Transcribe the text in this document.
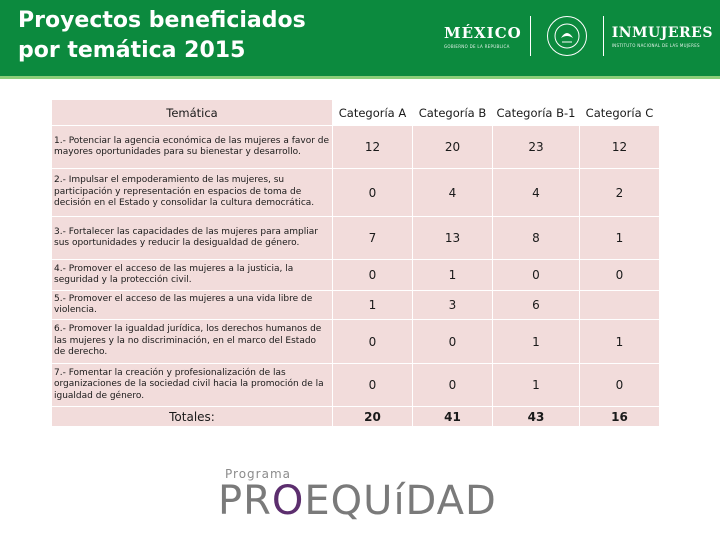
Proyectos beneficiados
por temática 2015
MÉXICO
GOBIERNO DE LA REPÚBLICA
INMUJERES
INSTITUTO NACIONAL DE LAS MUJERES
Temática	Categoría A	Categoría B	Categoría B-1	Categoría C
1.- Potenciar la agencia económica de las mujeres a favor de mayores oportunidades para su bienestar y desarrollo.	12	20	23	12
2.- Impulsar el empoderamiento de las mujeres, su participación y representación en espacios de toma de decisión en el Estado y consolidar la cultura democrática.	0	4	4	2
3.- Fortalecer las capacidades de las mujeres para ampliar sus oportunidades y reducir la desigualdad de género.	7	13	8	1
4.- Promover el acceso de las mujeres a la justicia, la seguridad y la protección civil.	0	1	0	0
5.- Promover el acceso de las mujeres a una vida libre de violencia.	1	3	6	
6.- Promover la igualdad jurídica, los derechos humanos de las mujeres y la no discriminación, en el marco del Estado de derecho.	0	0	1	1
7.- Fomentar la creación y profesionalización de las organizaciones de la sociedad civil hacia la promoción de la igualdad de género.	0	0	1	0
Totales:	20	41	43	16
Programa
PROEQUíDAD
